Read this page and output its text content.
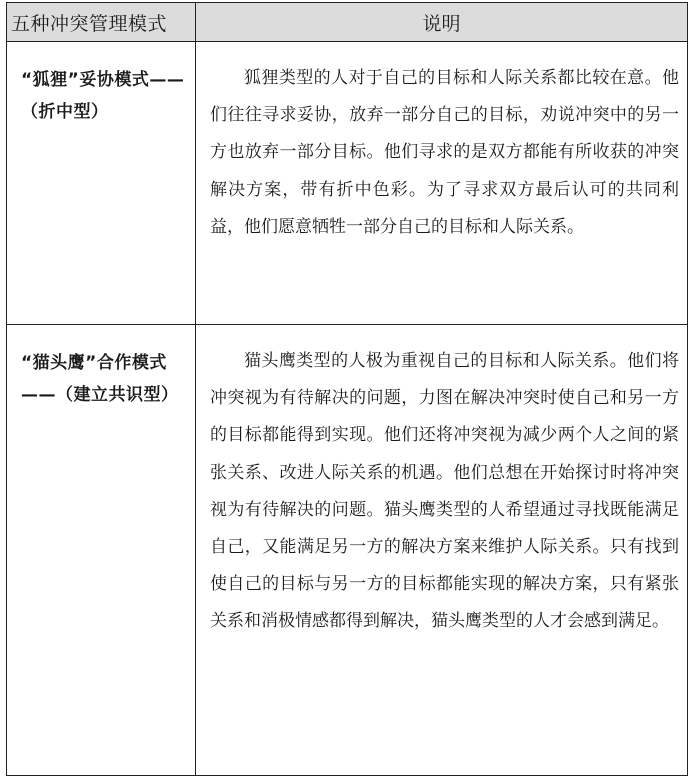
五种冲突管理模式	说明
“狐狸”妥协模式——（折中型）	狐狸类型的人对于自己的目标和人际关系都比较在意。他们往往寻求妥协，放弃一部分自己的目标，劝说冲突中的另一方也放弃一部分目标。他们寻求的是双方都能有所收获的冲突解决方案，带有折中色彩。为了寻求双方最后认可的共同利益，他们愿意牺牲一部分自己的目标和人际关系。
“猫头鹰”合作模式——（建立共识型）	猫头鹰类型的人极为重视自己的目标和人际关系。他们将冲突视为有待解决的问题，力图在解决冲突时使自己和另一方的目标都能得到实现。他们还将冲突视为减少两个人之间的紧张关系、改进人际关系的机遇。他们总想在开始探讨时将冲突视为有待解决的问题。猫头鹰类型的人希望通过寻找既能满足自己，又能满足另一方的解决方案来维护人际关系。只有找到使自己的目标与另一方的目标都能实现的解决方案，只有紧张关系和消极情感都得到解决，猫头鹰类型的人才会感到满足。
